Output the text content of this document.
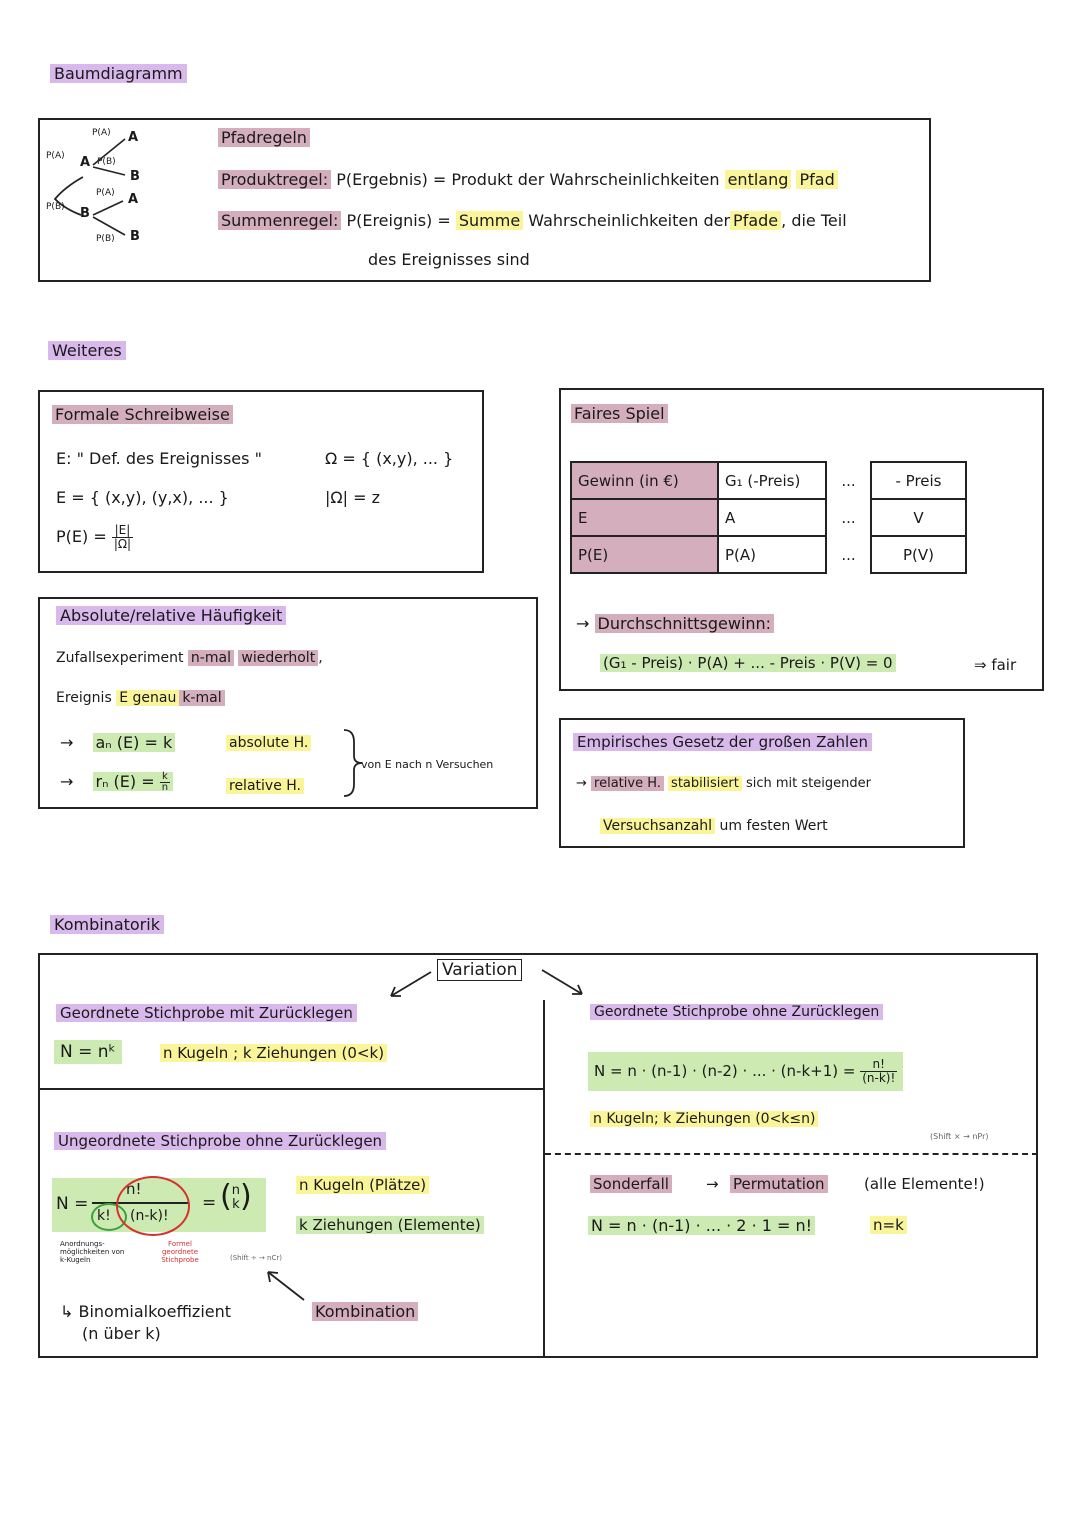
Baumdiagramm
P(A) A
P(A) A P(B)
B
P(A) A
P(B) B
P(B) B
Pfadregeln
Produktregel: P(Ergebnis) = Produkt der Wahrscheinlichkeiten entlang Pfad
Summenregel: P(Ereignis) = Summe Wahrscheinlichkeiten der Pfade , die Teil
des Ereignisses sind
Weiteres
Formale Schreibweise
E: " Def. des Ereignisses "
E = { (x,y), (y,x), ... }
$P(E) = \frac{|E|}{|\Omega|}$
Ω = { (x,y), ... }
|Ω| = z
Absolute/relative Häufigkeit
Zufallsexperiment n-mal wiederholt ,
Ereignis E genau k-mal
→ aₙ (E) = k	absolute H.
→ rₙ $(E) = \frac{k}{n}$	relative H.
von E nach n Versuchen
Faires Spiel
Gewinn (in €)	G₁ (-Preis)	...	- Preis
E	A	...	V
P(E)	P(A)	...	P(V)
→ Durchschnittsgewinn:
(G₁ - Preis) · P(A) + ... - Preis · P(V) = 0	⇒ fair
Empirisches Gesetz der großen Zahlen
→ relative H. stabilisiert sich mit steigender
Versuchsanzahl um festen Wert
Kombinatorik
Variation
Geordnete Stichprobe mit Zurücklegen
N = nᵏ	n Kugeln ; k Ziehungen (0<k)
Geordnete Stichprobe ohne Zurücklegen
N = n · (n-1) · (n-2) · ... · $(n-k+1) = \frac{n!}{(n-k)!}$
n Kugeln; k Ziehungen (0<k≤n)
(Shift × → nPr)
Ungeordnete Stichprobe ohne Zurücklegen
N =
n!
k! (n-k)!
= ( n
k )	n Kugeln (Plätze)
k Ziehungen (Elemente)
Anordnungs-möglichkeiten von k-Kugeln
Formel geordnete Stichprobe	(Shift ÷ → nCr)
Kombination
↳ Binomialkoeffizient
(n über k)
Sonderfall → Permutation	(alle Elemente!)
N = n · (n-1) · ... · 2 · 1 = n!	n=k
